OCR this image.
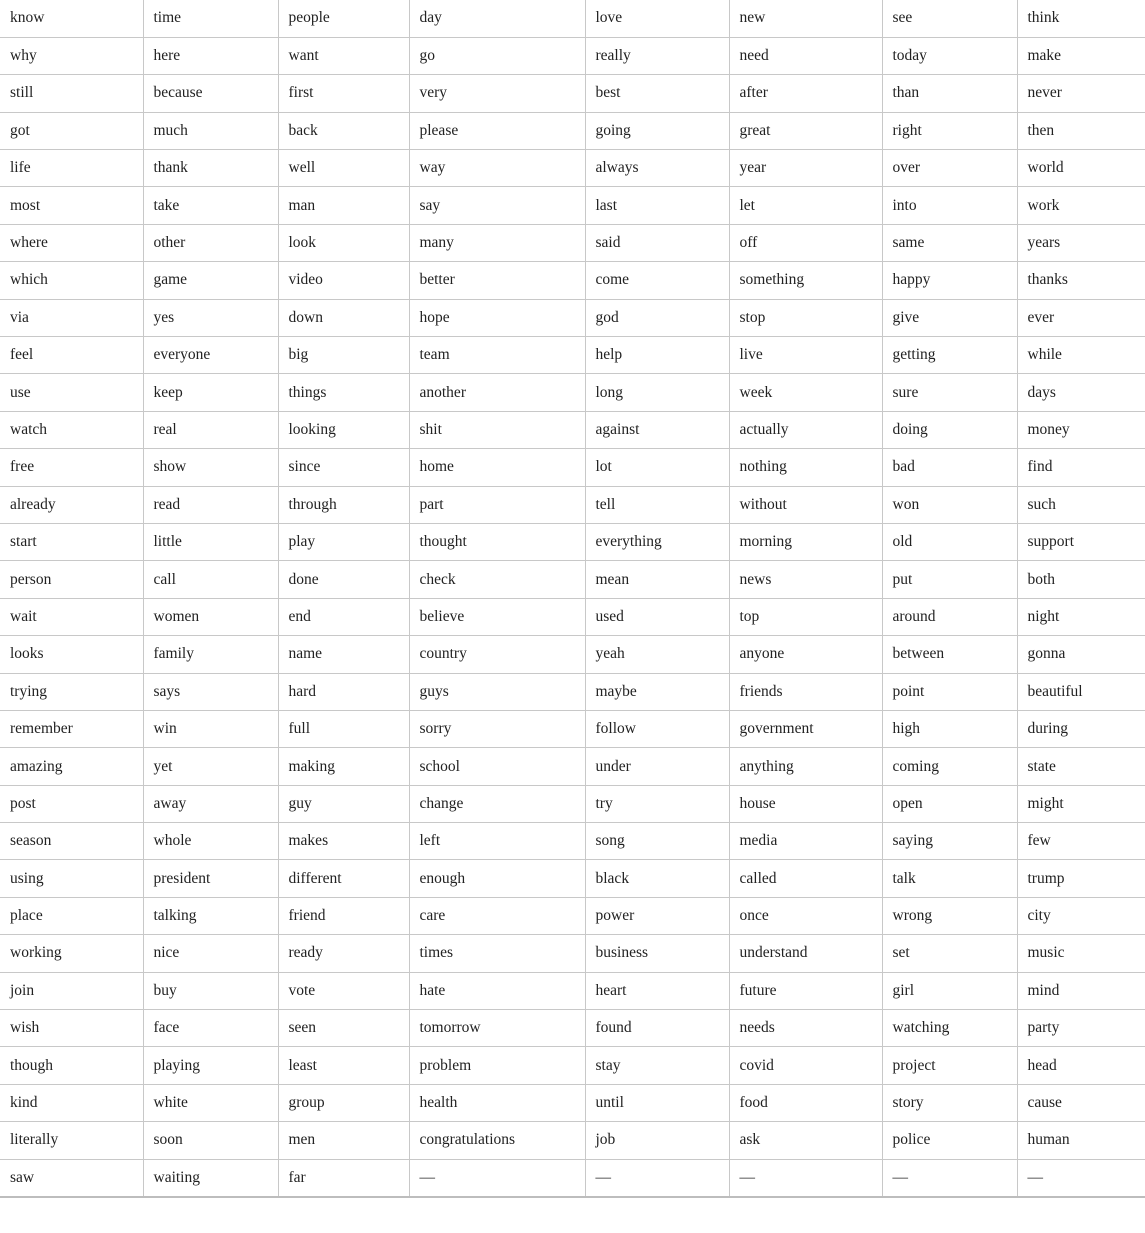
know	time	people	day	love	new	see	think
why	here	want	go	really	need	today	make
still	because	first	very	best	after	than	never
got	much	back	please	going	great	right	then
life	thank	well	way	always	year	over	world
most	take	man	say	last	let	into	work
where	other	look	many	said	off	same	years
which	game	video	better	come	something	happy	thanks
via	yes	down	hope	god	stop	give	ever
feel	everyone	big	team	help	live	getting	while
use	keep	things	another	long	week	sure	days
watch	real	looking	shit	against	actually	doing	money
free	show	since	home	lot	nothing	bad	find
already	read	through	part	tell	without	won	such
start	little	play	thought	everything	morning	old	support
person	call	done	check	mean	news	put	both
wait	women	end	believe	used	top	around	night
looks	family	name	country	yeah	anyone	between	gonna
trying	says	hard	guys	maybe	friends	point	beautiful
remember	win	full	sorry	follow	government	high	during
amazing	yet	making	school	under	anything	coming	state
post	away	guy	change	try	house	open	might
season	whole	makes	left	song	media	saying	few
using	president	different	enough	black	called	talk	trump
place	talking	friend	care	power	once	wrong	city
working	nice	ready	times	business	understand	set	music
join	buy	vote	hate	heart	future	girl	mind
wish	face	seen	tomorrow	found	needs	watching	party
though	playing	least	problem	stay	covid	project	head
kind	white	group	health	until	food	story	cause
literally	soon	men	congratulations	job	ask	police	human
saw	waiting	far	—	—	—	—	—
